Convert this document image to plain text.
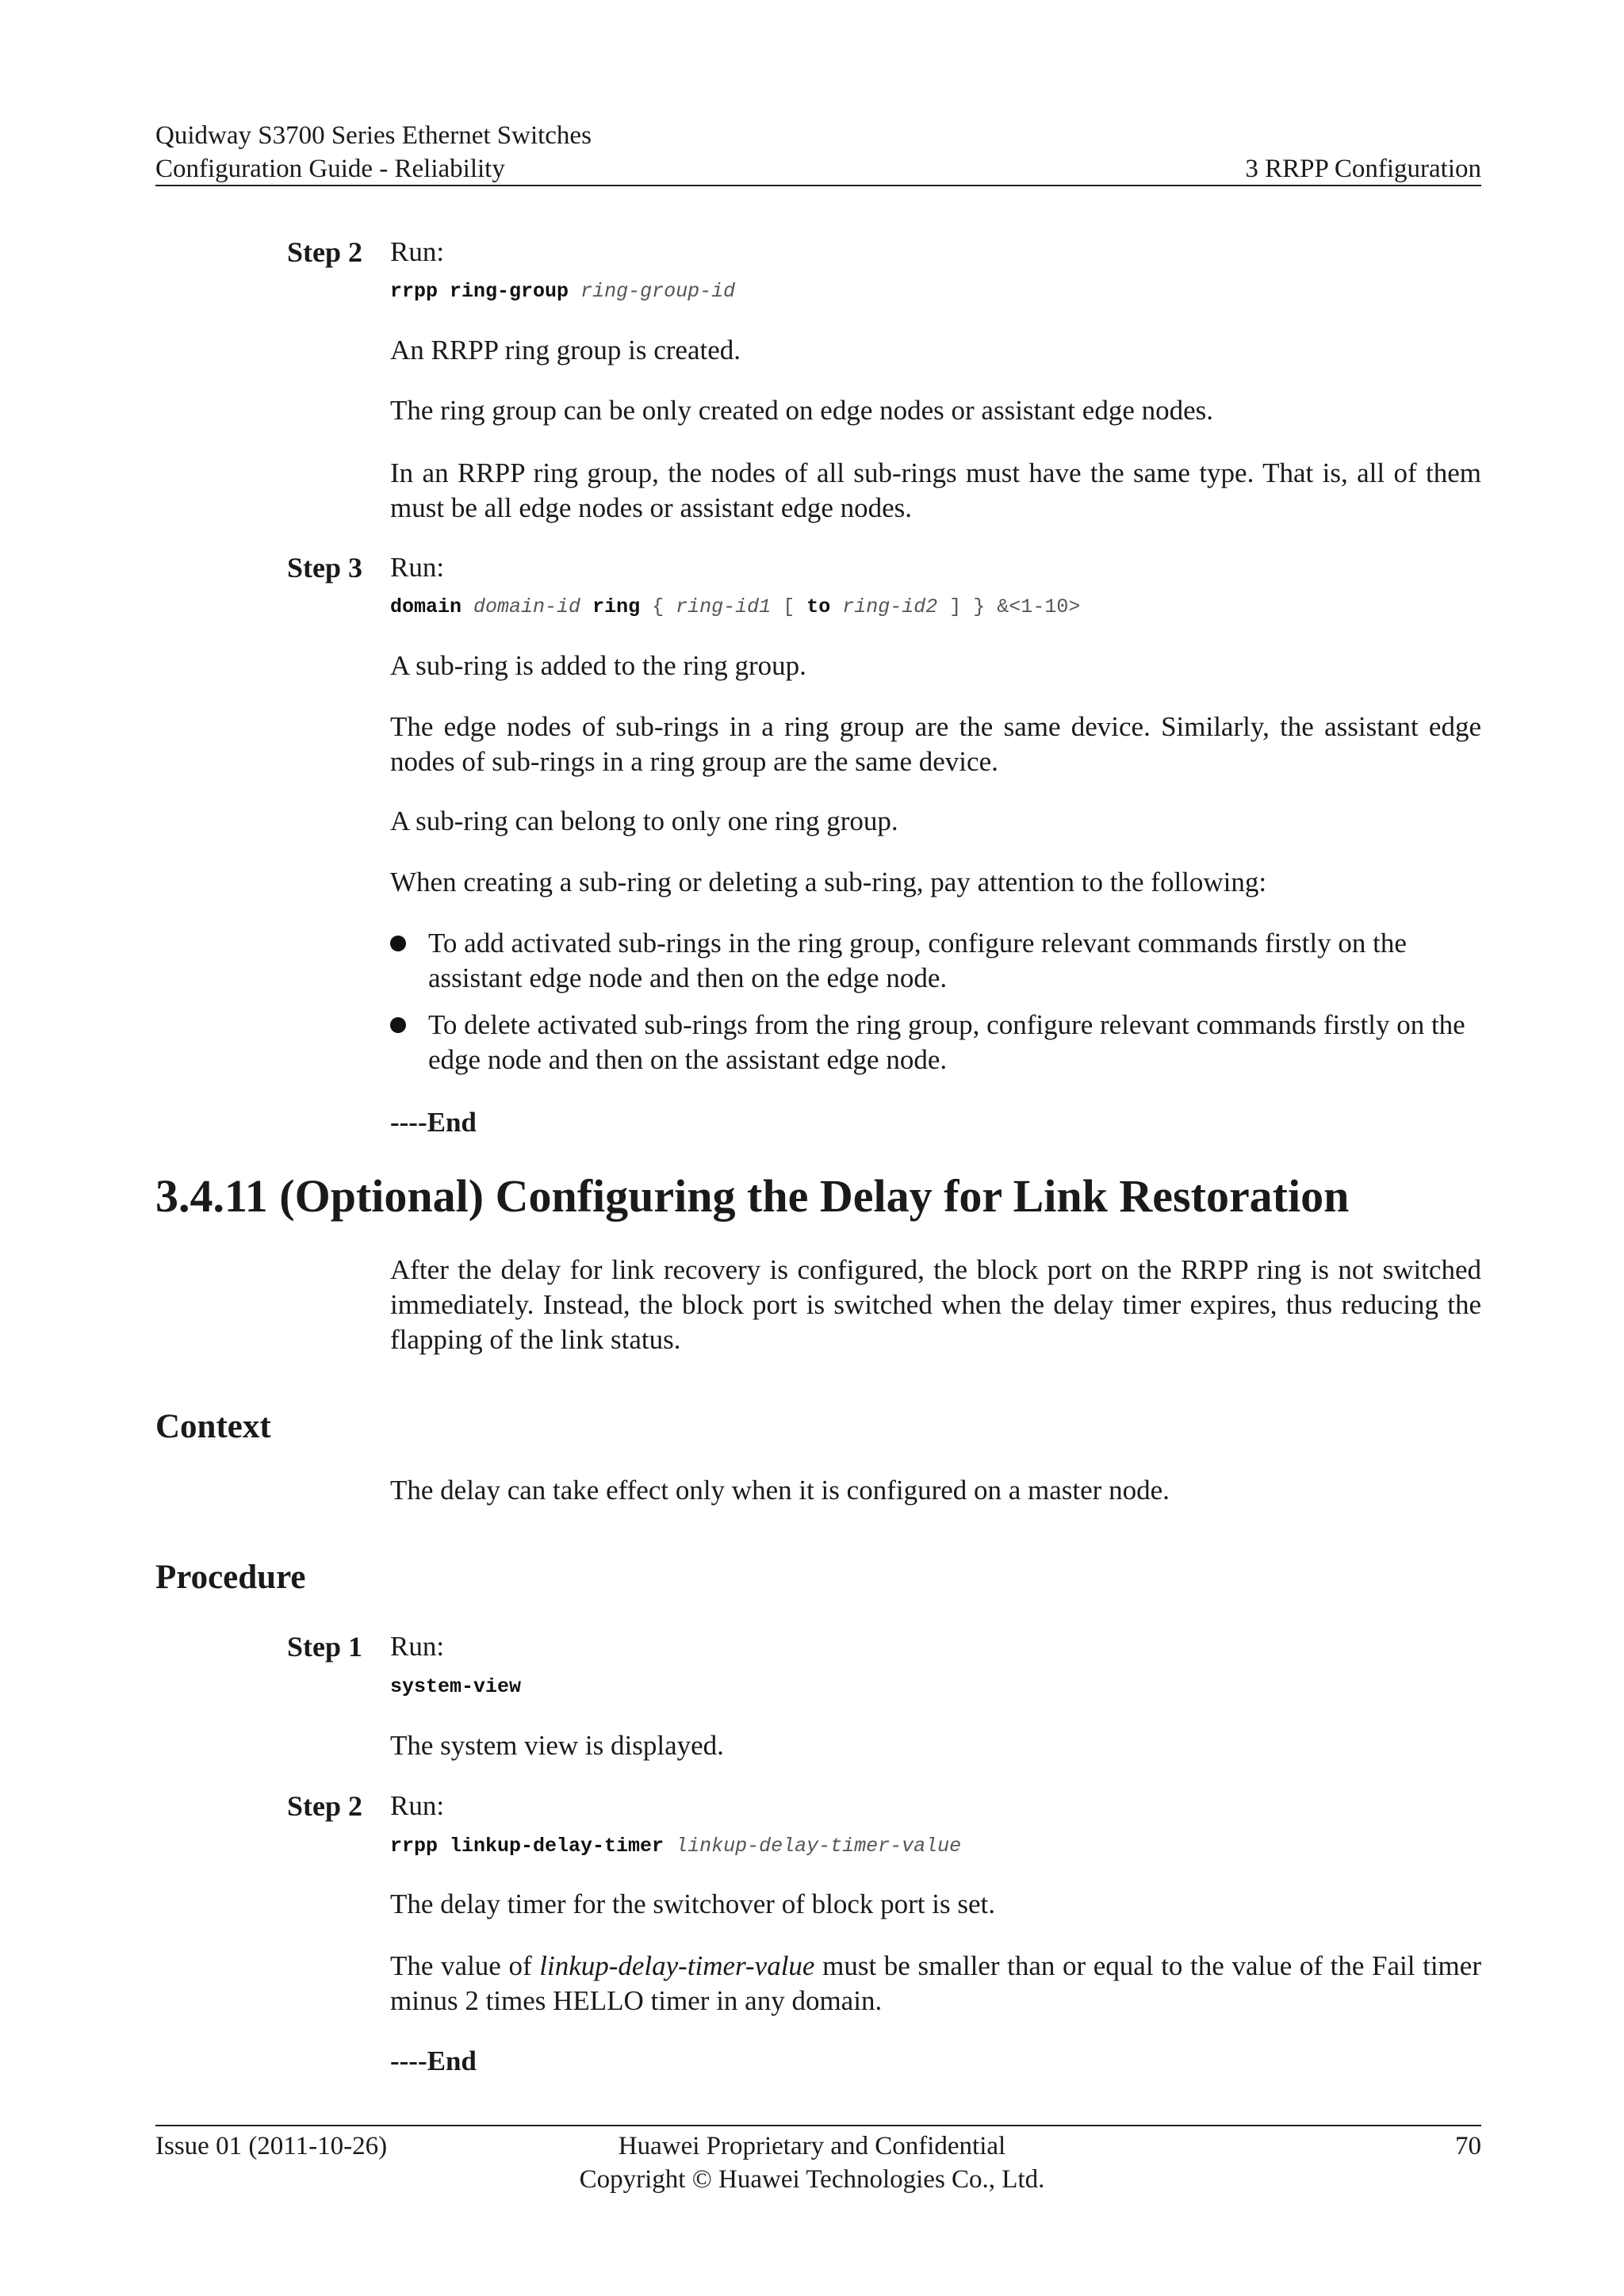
Quidway S3700 Series Ethernet Switches
Configuration Guide - Reliability	3 RRPP Configuration
Step 2 Run:
rrpp ring-group ring-group-id
An RRPP ring group is created.
The ring group can be only created on edge nodes or assistant edge nodes.
In an RRPP ring group, the nodes of all sub-rings must have the same type. That is, all of them must be all edge nodes or assistant edge nodes.
Step 3 Run:
domain domain-id ring { ring-id1 [ to ring-id2 ] } &<1-10>
A sub-ring is added to the ring group.
The edge nodes of sub-rings in a ring group are the same device. Similarly, the assistant edge nodes of sub-rings in a ring group are the same device.
A sub-ring can belong to only one ring group.
When creating a sub-ring or deleting a sub-ring, pay attention to the following:
To add activated sub-rings in the ring group, configure relevant commands firstly on the assistant edge node and then on the edge node.
To delete activated sub-rings from the ring group, configure relevant commands firstly on the edge node and then on the assistant edge node.
----End
3.4.11 (Optional) Configuring the Delay for Link Restoration
After the delay for link recovery is configured, the block port on the RRPP ring is not switched immediately. Instead, the block port is switched when the delay timer expires, thus reducing the flapping of the link status.
Context
The delay can take effect only when it is configured on a master node.
Procedure
Step 1 Run:
system-view
The system view is displayed.
Step 2 Run:
rrpp linkup-delay-timer linkup-delay-timer-value
The delay timer for the switchover of block port is set.
The value of linkup-delay-timer-value must be smaller than or equal to the value of the Fail timer minus 2 times HELLO timer in any domain.
----End
Issue 01 (2011-10-26)	Huawei Proprietary and Confidential
Copyright © Huawei Technologies Co., Ltd.
70
